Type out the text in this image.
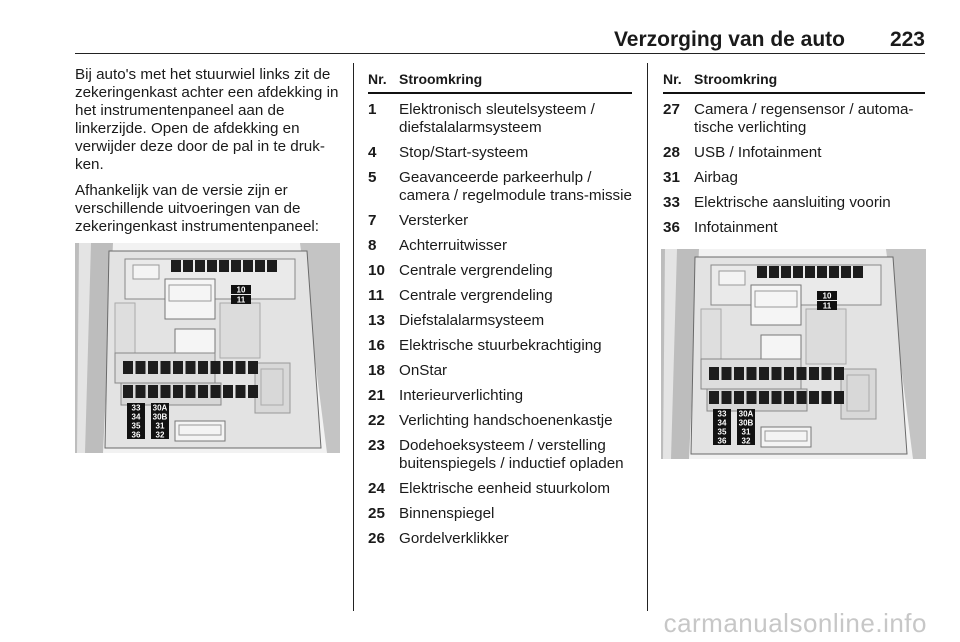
Verzorging van de auto 223

Bij auto's met het stuurwiel links zit de zekeringenkast achter een afdekking in het instrumentenpaneel aan de linkerzijde. Open de afdekking en verwijder deze door de pal in te druk-ken.

Afhankelijk van de versie zijn er verschillende uitvoeringen van de zekeringenkast instrumentenpaneel:

10
11
33
34
35
36
30A
30B
31
32
Nr. Stroomkring
1	Elektronisch sleutelsysteem / diefstalalarmsysteem
4	Stop/Start-systeem
5	Geavanceerde parkeerhulp / camera / regelmodule trans-missie
7	Versterker
8	Achterruitwisser
10 Centrale vergrendeling
11 Centrale vergrendeling
13 Diefstalalarmsysteem
16 Elektrische stuurbekrachtiging
18 OnStar
21 Interieurverlichting
22 Verlichting handschoenenkastje
23 Dodehoeksysteem / verstelling buitenspiegels / inductief opladen
24 Elektrische eenheid stuurkolom
25 Binnenspiegel
26 Gordelverklikker
Nr. Stroomkring
27 Camera / regensensor / automa-tische verlichting
28 USB / Infotainment
31 Airbag
33 Elektrische aansluiting voorin
36 Infotainment
10
11
33
34
35
36
30A
30B
31
32
carmanualsonline.info
